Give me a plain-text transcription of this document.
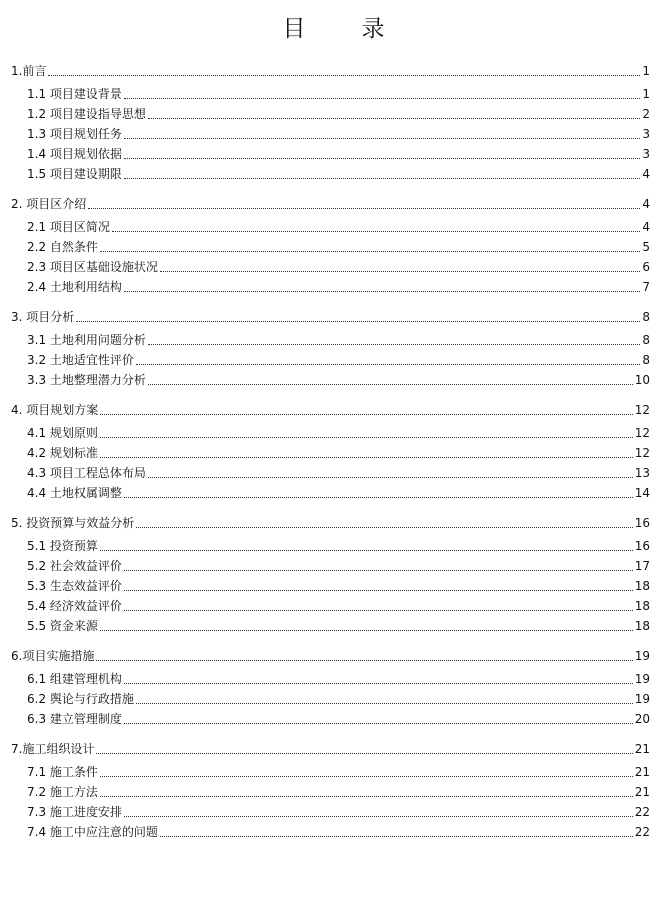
目 录
1.前言	1
1.1 项目建设背景	1
1.2 项目建设指导思想	2
1.3 项目规划任务	3
1.4 项目规划依据	3
1.5 项目建设期限	4
2. 项目区介绍	4
2.1 项目区简况	4
2.2 自然条件	5
2.3 项目区基础设施状况	6
2.4 土地利用结构	7
3. 项目分析	8
3.1 土地利用问题分析	8
3.2 土地适宜性评价	8
3.3 土地整理潜力分析	10
4. 项目规划方案	12
4.1 规划原则	12
4.2 规划标准	12
4.3 项目工程总体布局	13
4.4 土地权属调整	14
5. 投资预算与效益分析	16
5.1 投资预算	16
5.2 社会效益评价	17
5.3 生态效益评价	18
5.4 经济效益评价	18
5.5 资金来源	18
6.项目实施措施	19
6.1 组建管理机构	19
6.2 舆论与行政措施	19
6.3 建立管理制度	20
7.施工组织设计	21
7.1 施工条件	21
7.2 施工方法	21
7.3 施工进度安排	22
7.4 施工中应注意的问题	22
